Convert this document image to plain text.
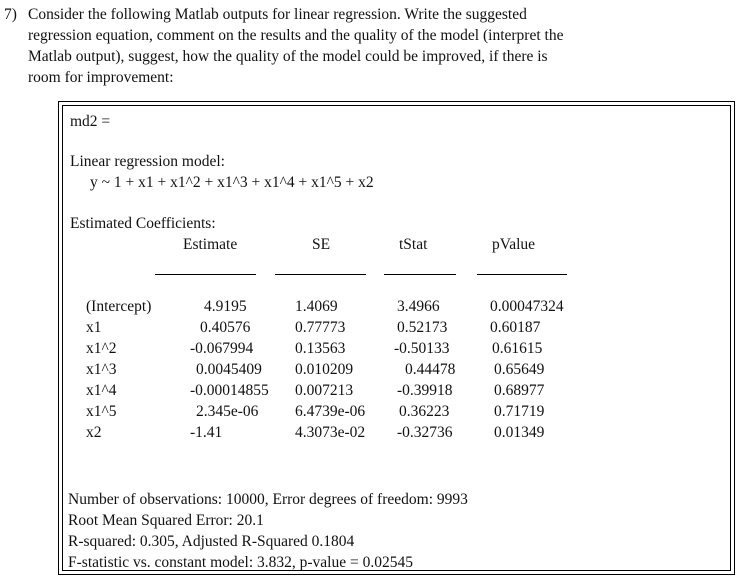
7) Consider the following Matlab outputs for linear regression. Write the suggested
regression equation, comment on the results and the quality of the model (interpret the
Matlab output), suggest, how the quality of the model could be improved, if there is
room for improvement:
md2 =
Linear regression model:
y ~ 1 + x1 + x1^2 + x1^3 + x1^4 + x1^5 + x2
Estimated Coefficients:
Estimate	SE	tStat	pValue
(Intercept)	4.9195	1.4069	3.4966	0.00047324
x1	0.40576	0.77773	0.52173	0.60187
x1^2	-0.067994	0.13563	-0.50133	0.61615
x1^3	0.0045409 0.010209	0.44478 0.65649
x1^4	-0.00014855 0.007213	-0.39918	0.68977
x1^5	2.345e-06 6.4739e-06 0.36223	0.71719
x2	-1.41	4.3073e-02 -0.32736	0.01349
Number of observations: 10000, Error degrees of freedom: 9993
Root Mean Squared Error: 20.1
R-squared: 0.305, Adjusted R-Squared 0.1804
F-statistic vs. constant model: 3.832, p-value = 0.02545
